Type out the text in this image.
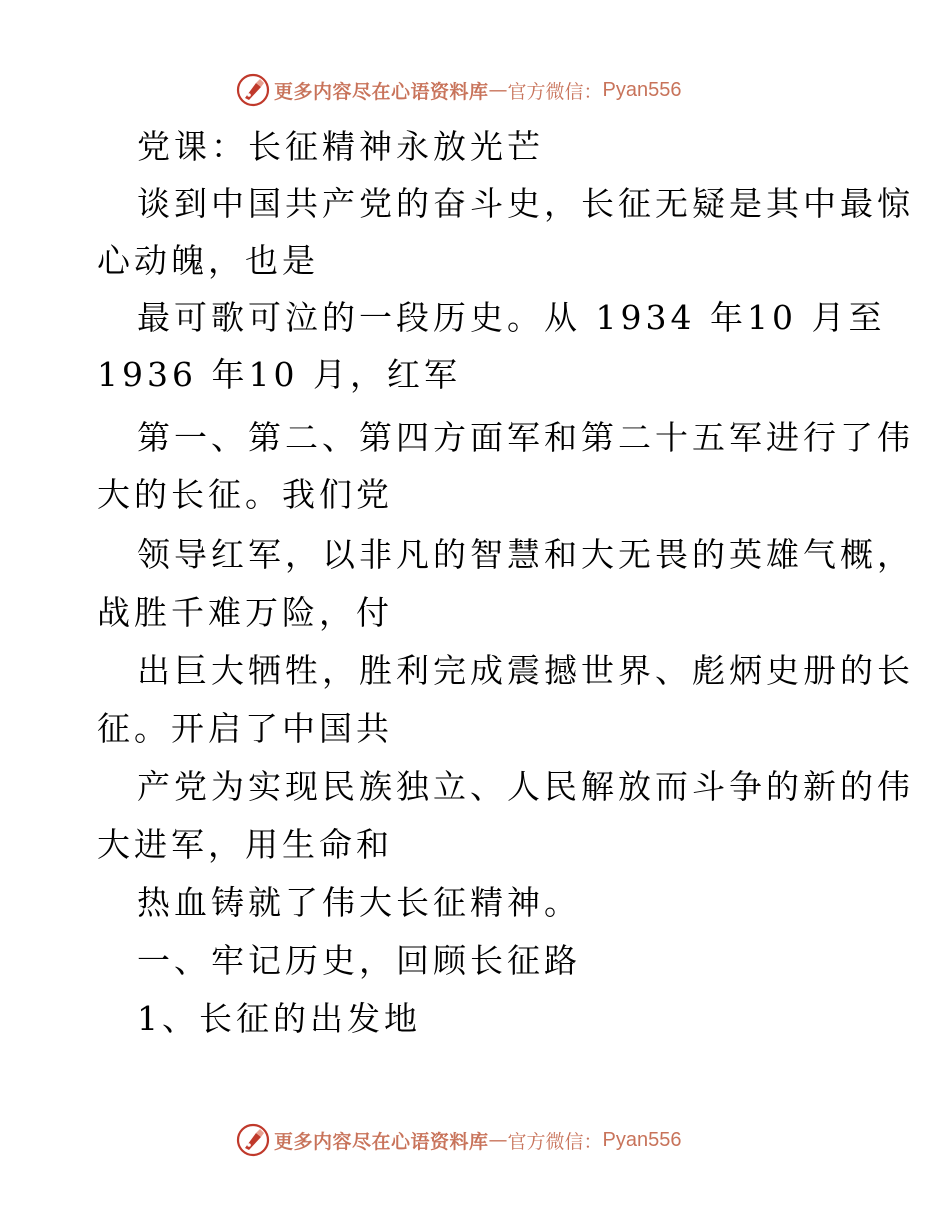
更多内容尽在心语资料库 — 官方微信： Pyan556
党课：长征精神永放光芒
谈到中国共产党的奋斗史，长征无疑是其中最惊
心动魄，也是
最可歌可泣的一段历史。从 1934 年10 月至
1936 年10 月，红军
第一、第二、第四方面军和第二十五军进行了伟
大的长征。我们党
领导红军，以非凡的智慧和大无畏的英雄气概，
战胜千难万险，付
出巨大牺牲，胜利完成震撼世界、彪炳史册的长
征。开启了中国共
产党为实现民族独立、人民解放而斗争的新的伟
大进军，用生命和
热血铸就了伟大长征精神。
一、牢记历史，回顾长征路
1、长征的出发地
更多内容尽在心语资料库 — 官方微信： Pyan556
